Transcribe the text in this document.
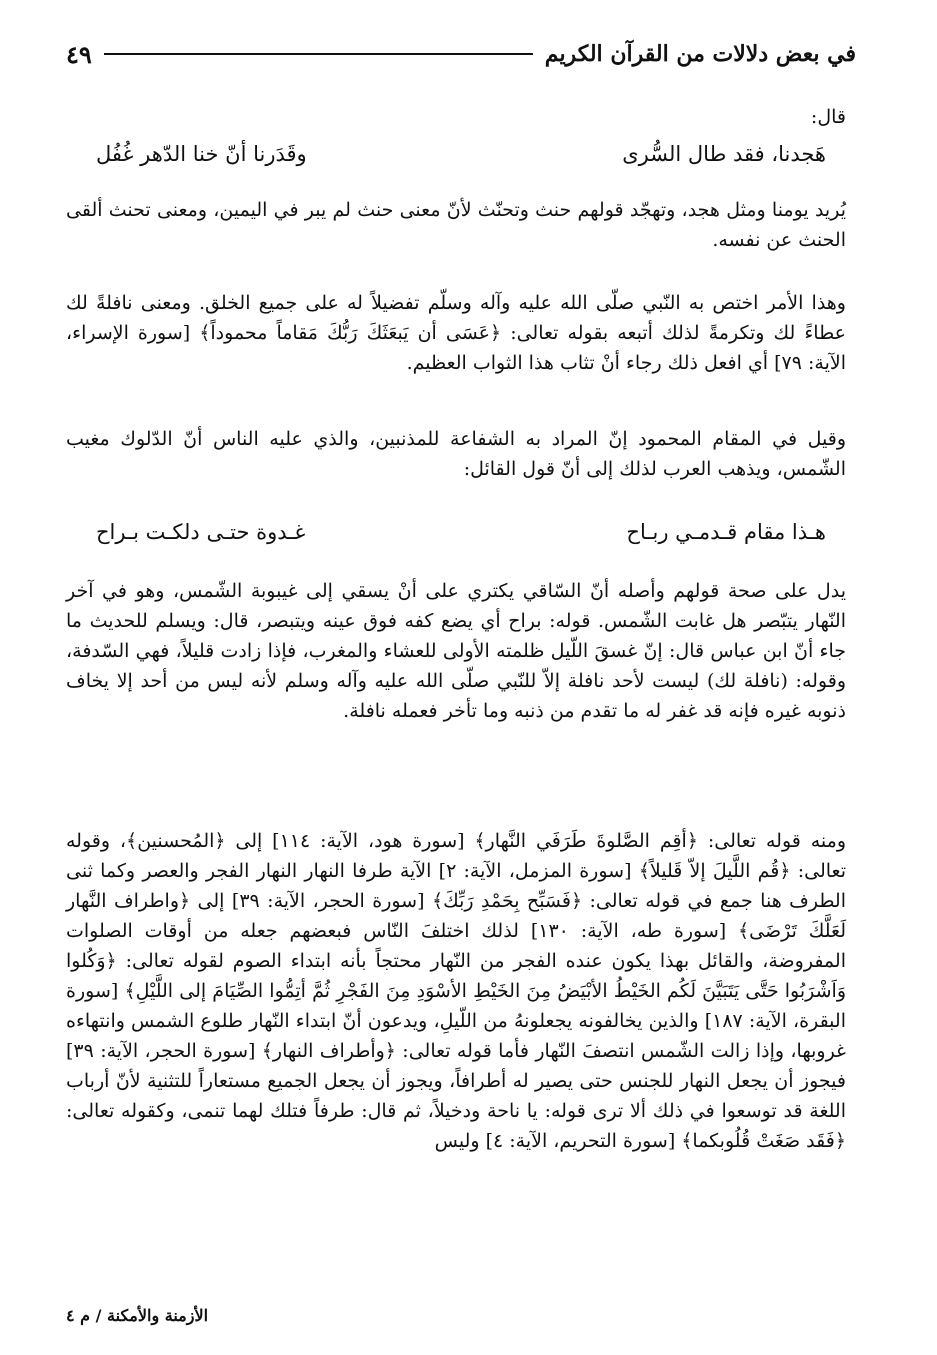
في بعض دلالات من القرآن الكريم
٤٩

قال:

هَجدنا، فقد طال السُّرى
وقَدَرنا أنّ خنا الدّهر غُفُل

يُريد يومنا ومثل هجد، وتهجّد قولهم حنث وتحنّث لأنّ معنى حنث لم يبر في اليمين، ومعنى تحنث ألقى الحنث عن نفسه.

وهذا الأمر اختص به النّبي صلّى الله عليه وآله وسلّم تفضيلاً له على جميع الخلق. ومعنى نافلةً لك عطاءً لك وتكرمةً لذلك أتبعه بقوله تعالى: ﴿عَسَى أن يَبعَثَكَ رَبُّكَ مَقاماً محموداً﴾ [سورة الإسراء، الآية: ٧٩] أي افعل ذلك رجاء أنْ تثاب هذا الثواب العظيم.

وقيل في المقام المحمود إنّ المراد به الشفاعة للمذنبين، والذي عليه الناس أنّ الدّلوك مغيب الشّمس، ويذهب العرب لذلك إلى أنّ قول القائل:

هـذا مقام قـدمـي ربـاح
غـدوة حتـى دلكـت بـراح

يدل على صحة قولهم وأصله أنّ السّاقي يكتري على أنْ يسقي إلى غيبوبة الشّمس، وهو في آخر النّهار يتبّصر هل غابت الشّمس. قوله: براح أي يضع كفه فوق عينه ويتبصر، قال: ويسلم للحديث ما جاء أنّ ابن عباس قال: إنّ غسقَ اللّيل ظلمته الأولى للعشاء والمغرب، فإذا زادت قليلاً، فهي السّدفة، وقوله: (نافلة لك) ليست لأحد نافلة إلاّ للنّبي صلّى الله عليه وآله وسلم لأنه ليس من أحد إلا يخاف ذنوبه غيره فإنه قد غفر له ما تقدم من ذنبه وما تأخر فعمله نافلة.

ومنه قوله تعالى: ﴿أقِم الصَّلوةَ طَرَفَي النَّهار﴾ [سورة هود، الآية: ١١٤] إلى ﴿المُحسنين﴾، وقوله تعالى: ﴿قُم اللَّيلَ إلاّ قَليلاً﴾ [سورة المزمل، الآية: ٢] الآية طرفا النهار النهار الفجر والعصر وكما ثنى الطرف هنا جمع في قوله تعالى: ﴿فَسَبِّح بِحَمْدِ رَبِّكَ﴾ [سورة الحجر، الآية: ٣٩] إلى ﴿واطراف النَّهار لَعَلَّكَ تَرْضَى﴾ [سورة طه، الآية: ١٣٠] لذلك اختلفَ النّاس فبعضهم جعله من أوقات الصلوات المفروضة، والقائل بهذا يكون عنده الفجر من النّهار محتجاً بأنه ابتداء الصوم لقوله تعالى: ﴿وَكُلوا وَاَشْرَبُوا حَتَّى يَتَبَيَّنَ لَكُم الخَيْطُ الأبْيَضُ مِنَ الخَيْطِ الأسْوَدِ مِنَ الفَجْرِ ثُمَّ أتِمُّوا الصِّيَامَ إلى اللَّيْلِ﴾ [سورة البقرة، الآية: ١٨٧] والذين يخالفونه يجعلونهُ من اللّيلِ، ويدعون أنّ ابتداء النّهار طلوع الشمس وانتهاءه غروبها، وإذا زالت الشّمس انتصفَ النّهار فأما قوله تعالى: ﴿وأطراف النهار﴾ [سورة الحجر، الآية: ٣٩] فيجوز أن يجعل النهار للجنس حتى يصير له أطرافاً، ويجوز أن يجعل الجميع مستعاراً للتثنية لأنّ أرباب اللغة قد توسعوا في ذلك ألا ترى قوله: يا ناحة ودخيلاً، ثم قال: طرفاً فتلك لهما تنمى، وكقوله تعالى: ﴿فَقَد صَغَتْ قُلُوبكما﴾ [سورة التحريم، الآية: ٤] وليس

الأزمنة والأمكنة / م ٤
